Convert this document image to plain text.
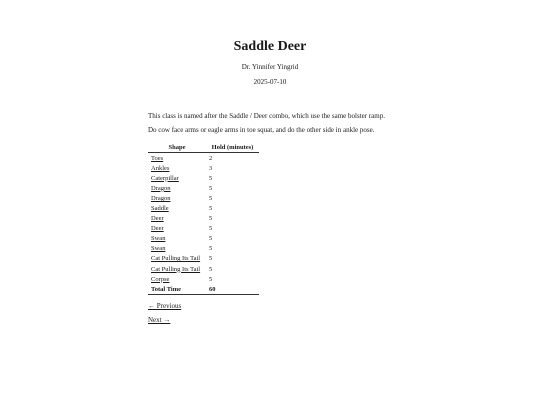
Saddle Deer
Dr. Yinnifer Yingrid
2025-07-10
This class is named after the Saddle / Deer combo, which use the same bolster ramp.
Do cow face arms or eagle arms in toe squat, and do the other side in ankle pose.
Shape	Hold (minutes)
Toes	2
Ankles	3
Caterpillar	5
Dragon	5
Dragon	5
Saddle	5
Deer	5
Deer	5
Swan	5
Swan	5
Cat Pulling Its Tail	5
Cat Pulling Its Tail	5
Corpse	5
Total Time	60
← Previous
Next →
